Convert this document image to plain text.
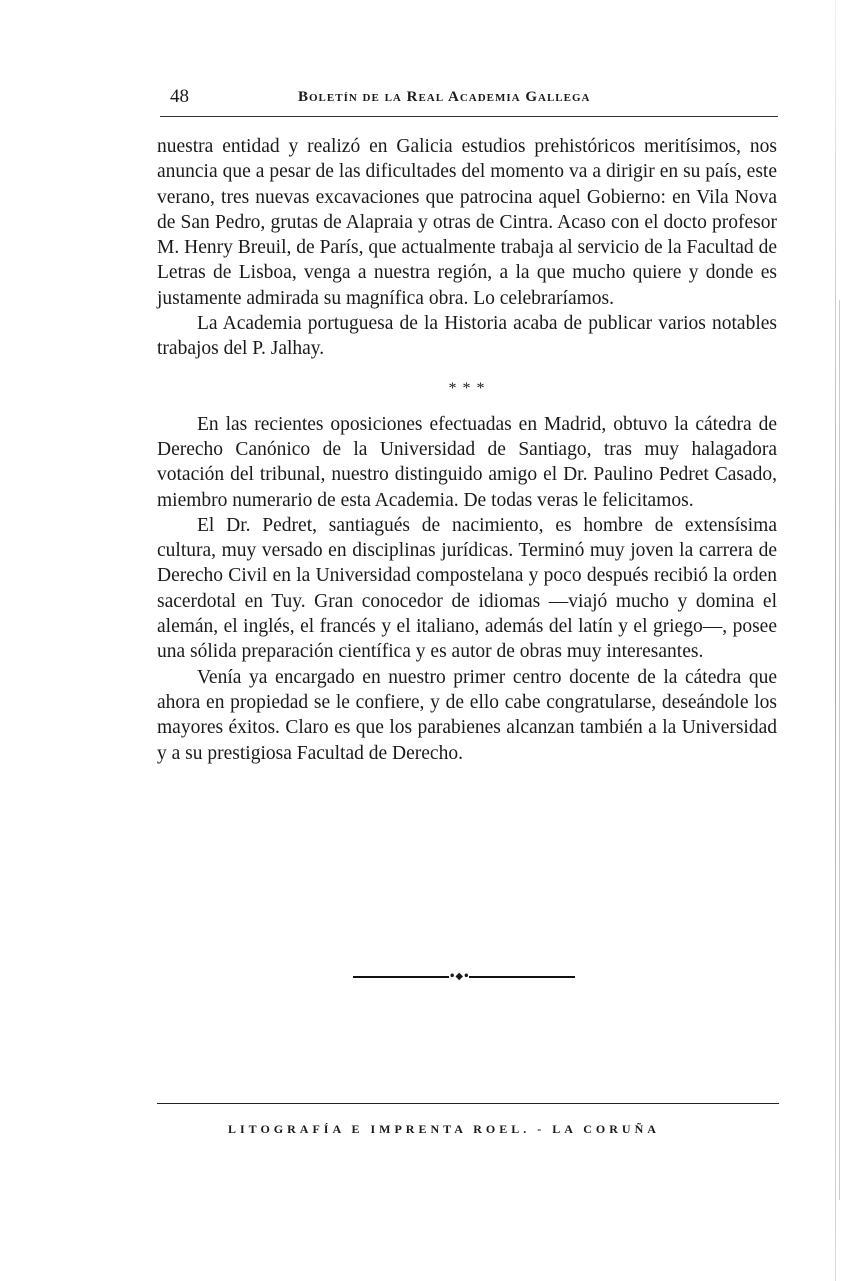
48	Boletín de la Real Academia Gallega

nuestra entidad y realizó en Galicia estudios prehistóricos meritísimos, nos anuncia que a pesar de las dificultades del momento va a dirigir en su país, este verano, tres nuevas excavaciones que patrocina aquel Gobierno: en Vila Nova de San Pedro, grutas de Alapraia y otras de Cintra. Acaso con el docto profesor M. Henry Breuil, de París, que actualmente trabaja al servicio de la Facultad de Letras de Lisboa, venga a nuestra región, a la que mucho quiere y donde es justamente admirada su magnífica obra. Lo celebraríamos.

La Academia portuguesa de la Historia acaba de publicar varios notables trabajos del P. Jalhay.

* * *

En las recientes oposiciones efectuadas en Madrid, obtuvo la cátedra de Derecho Canónico de la Universidad de Santiago, tras muy halagadora votación del tribunal, nuestro distinguido amigo el Dr. Paulino Pedret Casado, miembro numerario de esta Academia. De todas veras le felicitamos.

El Dr. Pedret, santiagués de nacimiento, es hombre de extensísima cultura, muy versado en disciplinas jurídicas. Terminó muy joven la carrera de Derecho Civil en la Universidad compostelana y poco después recibió la orden sacerdotal en Tuy. Gran conocedor de idiomas —viajó mucho y domina el alemán, el inglés, el francés y el italiano, además del latín y el griego—, posee una sólida preparación científica y es autor de obras muy interesantes.

Venía ya encargado en nuestro primer centro docente de la cátedra que ahora en propiedad se le confiere, y de ello cabe congratularse, deseándole los mayores éxitos. Claro es que los parabienes alcanzan también a la Universidad y a su prestigiosa Facultad de Derecho.

•◆•
LITOGRAFÍA E IMPRENTA ROEL. - LA CORUÑA
